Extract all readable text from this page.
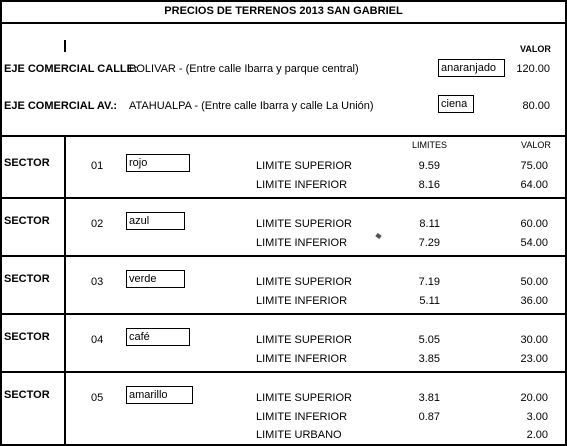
PRECIOS DE TERRENOS 2013 SAN GABRIEL
VALOR
EJE COMERCIAL CALLE:
BOLIVAR - (Entre calle Ibarra y parque central)	anaranjado	120.00
EJE COMERCIAL AV.: ATAHUALPA - (Entre calle Ibarra y calle La Unión)	ciena	80.00
LIMITES	VALOR
SECTOR	01 rojo	LIMITE SUPERIOR	9.59	75.00
LIMITE INFERIOR	8.16	64.00
SECTOR	02 azul	LIMITE SUPERIOR	8.11	60.00
LIMITE INFERIOR	7.29	54.00
SECTOR	03 verde	LIMITE SUPERIOR	7.19	50.00
LIMITE INFERIOR	5.11	36.00
SECTOR	04 café	LIMITE SUPERIOR	5.05	30.00
LIMITE INFERIOR	3.85	23.00
SECTOR	05 amarillo	LIMITE SUPERIOR	3.81	20.00
LIMITE INFERIOR	0.87	3.00
LIMITE URBANO	2.00
